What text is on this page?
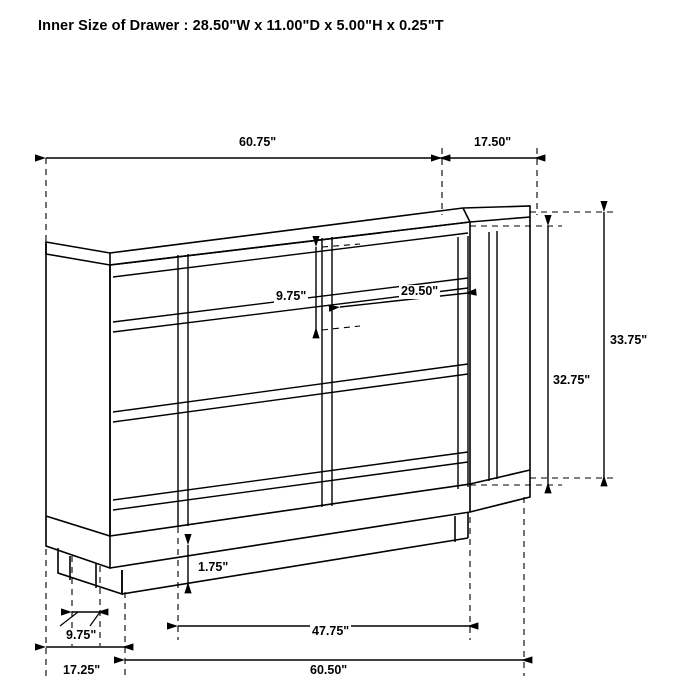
Inner Size of Drawer : 28.50"W x 11.00"D x 5.00"H x 0.25"T
60.75"	17.50"
9.75"	29.50"
33.75"
32.75"
1.75"
47.75"
9.75"
17.25"	60.50"
